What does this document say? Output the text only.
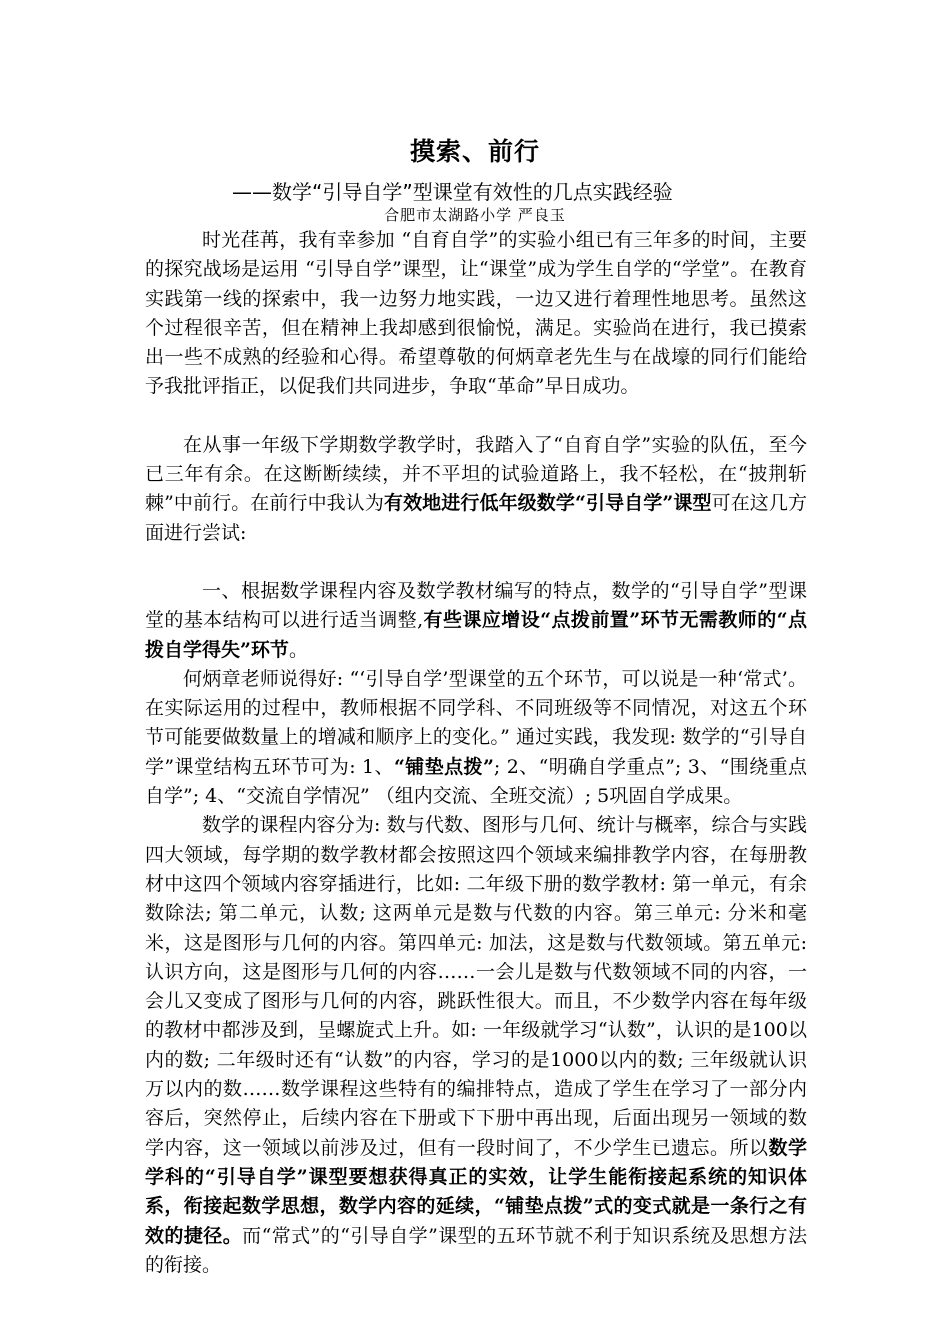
摸索、前行
——数学“引导自学”型课堂有效性的几点实践经验
合肥市太湖路小学 严良玉

时光荏苒，我有幸参加 “自育自学”的实验小组已有三年多的时间，主要的探究战场是运用 “引导自学”课型，让“课堂”成为学生自学的“学堂”。在教育实践第一线的探索中，我一边努力地实践，一边又进行着理性地思考。虽然这个过程很辛苦，但在精神上我却感到很愉悦，满足。实验尚在进行，我已摸索出一些不成熟的经验和心得。希望尊敬的何炳章老先生与在战壕的同行们能给予我批评指正，以促我们共同进步，争取“革命”早日成功。

在从事一年级下学期数学教学时，我踏入了“自育自学”实验的队伍，至今已三年有余。在这断断续续，并不平坦的试验道路上，我不轻松，在“披荆斩棘”中前行。在前行中我认为有效地进行低年级数学“引导自学”课型可在这几方面进行尝试:

一、根据数学课程内容及数学教材编写的特点，数学的“引导自学”型课堂的基本结构可以进行适当调整,有些课应增设“点拨前置”环节无需教师的“点拨自学得失”环节。

何炳章老师说得好: “‘引导自学’型课堂的五个环节，可以说是一种‘常式’。在实际运用的过程中，教师根据不同学科、不同班级等不同情况，对这五个环节可能要做数量上的增减和顺序上的变化。” 通过实践，我发现: 数学的“引导自学”课堂结构五环节可为: 1、“铺垫点拨”; 2、“明确自学重点”; 3、“围绕重点自学”; 4、“交流自学情况” （组内交流、全班交流）; 5巩固自学成果。

数学的课程内容分为: 数与代数、图形与几何、统计与概率，综合与实践四大领域，每学期的数学教材都会按照这四个领域来编排教学内容，在每册教材中这四个领域内容穿插进行，比如: 二年级下册的数学教材: 第一单元，有余数除法; 第二单元，认数; 这两单元是数与代数的内容。第三单元: 分米和毫米，这是图形与几何的内容。第四单元: 加法，这是数与代数领域。第五单元: 认识方向，这是图形与几何的内容……一会儿是数与代数领域不同的内容，一会儿又变成了图形与几何的内容，跳跃性很大。而且，不少数学内容在每年级的教材中都涉及到，呈螺旋式上升。如: 一年级就学习“认数”，认识的是100以内的数; 二年级时还有“认数”的内容，学习的是1000以内的数; 三年级就认识万以内的数……数学课程这些特有的编排特点，造成了学生在学习了一部分内容后，突然停止，后续内容在下册或下下册中再出现，后面出现另一领域的数学内容，这一领域以前涉及过，但有一段时间了，不少学生已遗忘。所以数学学科的“引导自学”课型要想获得真正的实效，让学生能衔接起系统的知识体系，衔接起数学思想，数学内容的延续，“铺垫点拨”式的变式就是一条行之有效的捷径。而“常式”的“引导自学”课型的五环节就不利于知识系统及思想方法的衔接。
